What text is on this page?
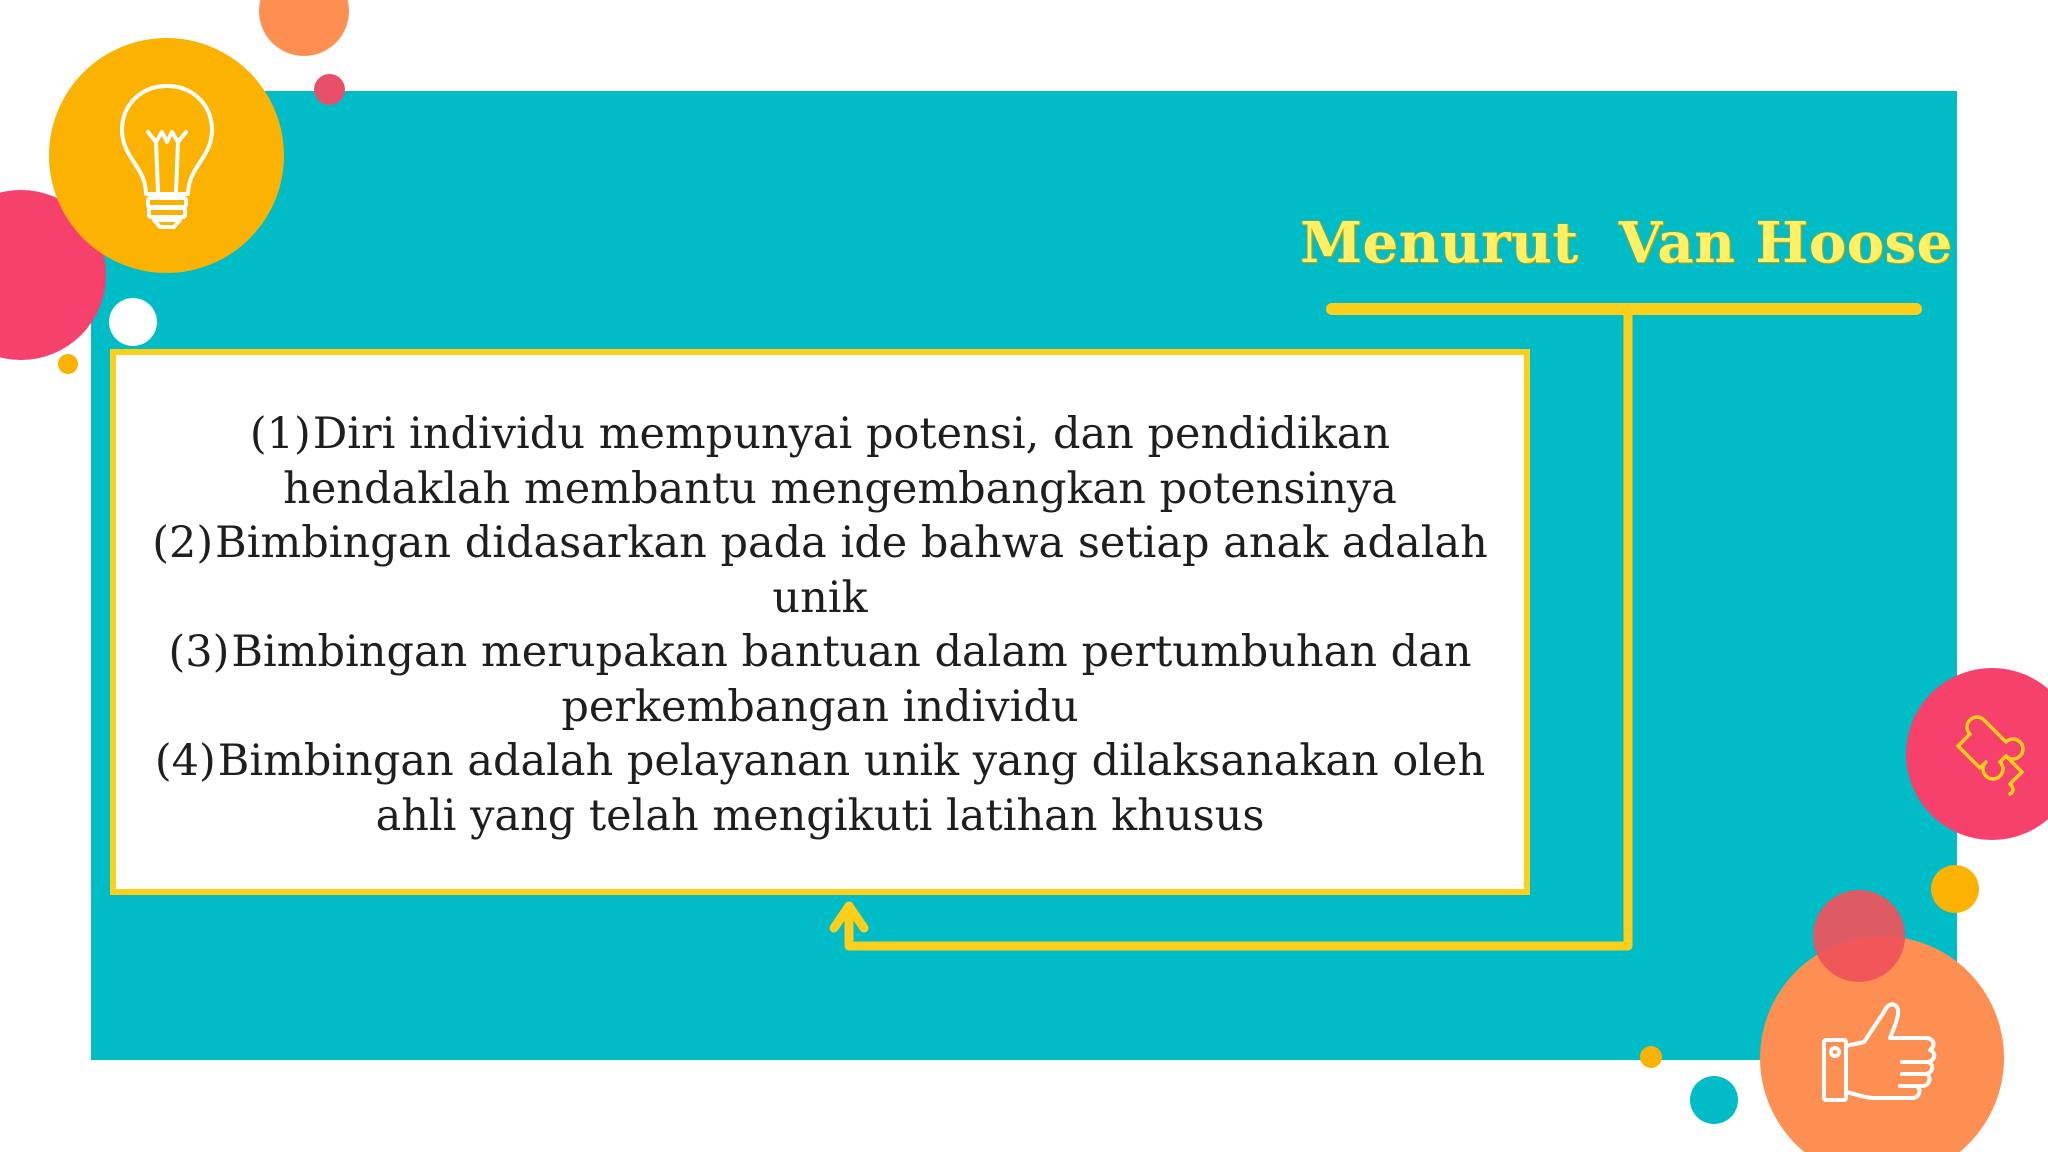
Menurut  Van Hoose

(1)Diri individu mempunyai potensi, dan pendidikan
hendaklah membantu mengembangkan potensinya

(2)Bimbingan didasarkan pada ide bahwa setiap anak adalah
unik

(3)Bimbingan merupakan bantuan dalam pertumbuhan dan
perkembangan individu

(4)Bimbingan adalah pelayanan unik yang dilaksanakan oleh
ahli yang telah mengikuti latihan khusus
